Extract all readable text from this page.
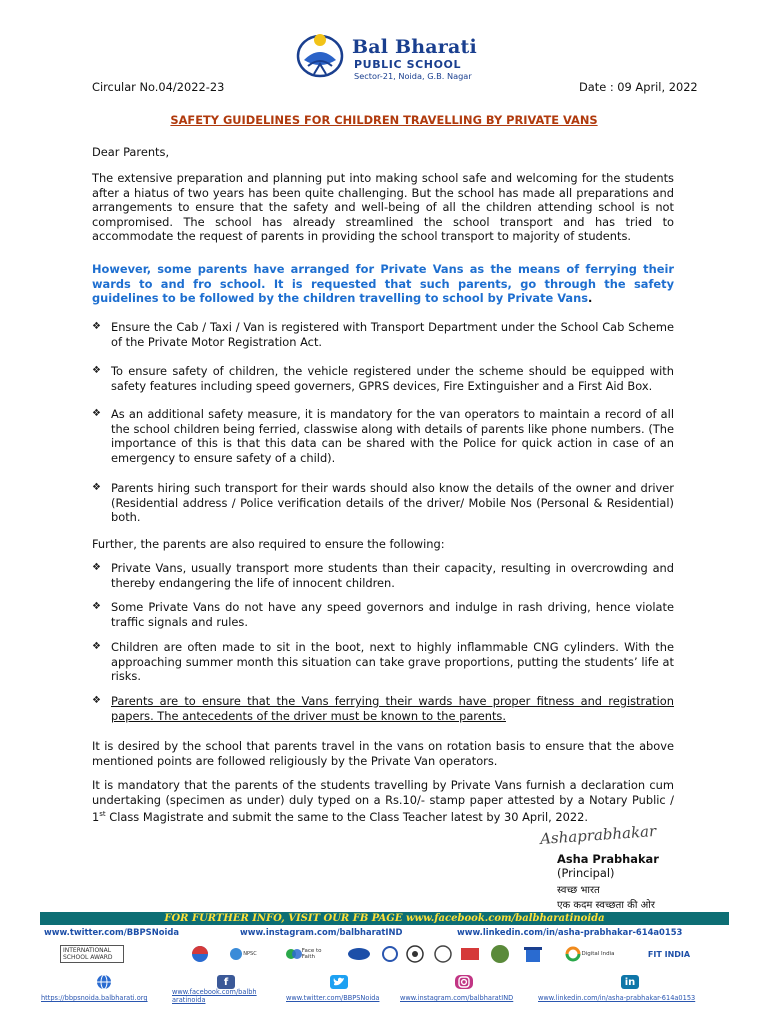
Bal Bharati
PUBLIC SCHOOL
Sector-21, Noida, G.B. Nagar
Circular No.04/2022-23	Date : 09 April, 2022
SAFETY GUIDELINES FOR CHILDREN TRAVELLING BY PRIVATE VANS
Dear Parents,
The extensive preparation and planning put into making school safe and welcoming for the students after a hiatus of two years has been quite challenging. But the school has made all preparations and arrangements to ensure that the safety and well-being of all the children attending school is not compromised. The school has already streamlined the school transport and has tried to accommodate the request of parents in providing the school transport to majority of students.
However, some parents have arranged for Private Vans as the means of ferrying their wards to and fro school. It is requested that such parents, go through the safety guidelines to be followed by the children travelling to school by Private Vans.
❖ Ensure the Cab / Taxi / Van is registered with Transport Department under the School Cab Scheme of the Private Motor Registration Act.
❖ To ensure safety of children, the vehicle registered under the scheme should be equipped with safety features including speed governers, GPRS devices, Fire Extinguisher and a First Aid Box.
❖ As an additional safety measure, it is mandatory for the van operators to maintain a record of all the school children being ferried, classwise along with details of parents like phone numbers. (The importance of this is that this data can be shared with the Police for quick action in case of an emergency to ensure safety of a child).
❖ Parents hiring such transport for their wards should also know the details of the owner and driver (Residential address / Police verification details of the driver/ Mobile Nos (Personal & Residential) both.
Further, the parents are also required to ensure the following:
❖ Private Vans, usually transport more students than their capacity, resulting in overcrowding and thereby endangering the life of innocent children.
❖ Some Private Vans do not have any speed governors and indulge in rash driving, hence violate traffic signals and rules.
❖ Children are often made to sit in the boot, next to highly inflammable CNG cylinders. With the approaching summer month this situation can take grave proportions, putting the students’ life at risks.
❖ Parents are to ensure that the Vans ferrying their wards have proper fitness and registration papers. The antecedents of the driver must be known to the parents.
It is desired by the school that parents travel in the vans on rotation basis to ensure that the above mentioned points are followed religiously by the Private Van operators.
It is mandatory that the parents of the students travelling by Private Vans furnish a declaration cum undertaking (specimen as under) duly typed on a Rs.10/- stamp paper attested by a Notary Public / 1st Class Magistrate and submit the same to the Class Teacher latest by 30 April, 2022.
Ashaprabhakar
Asha Prabhakar
(Principal)
स्वच्छ भारत
एक कदम स्वच्छता की ओर
FOR FURTHER INFO, VISIT OUR FB PAGE www.facebook.com/balbharatinoida
www.twitter.com/BBPSNoida	www.instagram.com/balbharatIND	www.linkedin.com/in/asha-prabhakar-614a0153
INTERNATIONAL SCHOOL AWARD	NPSC	Face to Faith	Digital India	FIT INDIA
f	in
https://bbpsnoida.balbharati.org
www.facebook.com/balbh aratinoida	www.twitter.com/BBPSNoida	www.instagram.com/balbharatIND	www.linkedin.com/in/asha-prabhakar-614a0153
